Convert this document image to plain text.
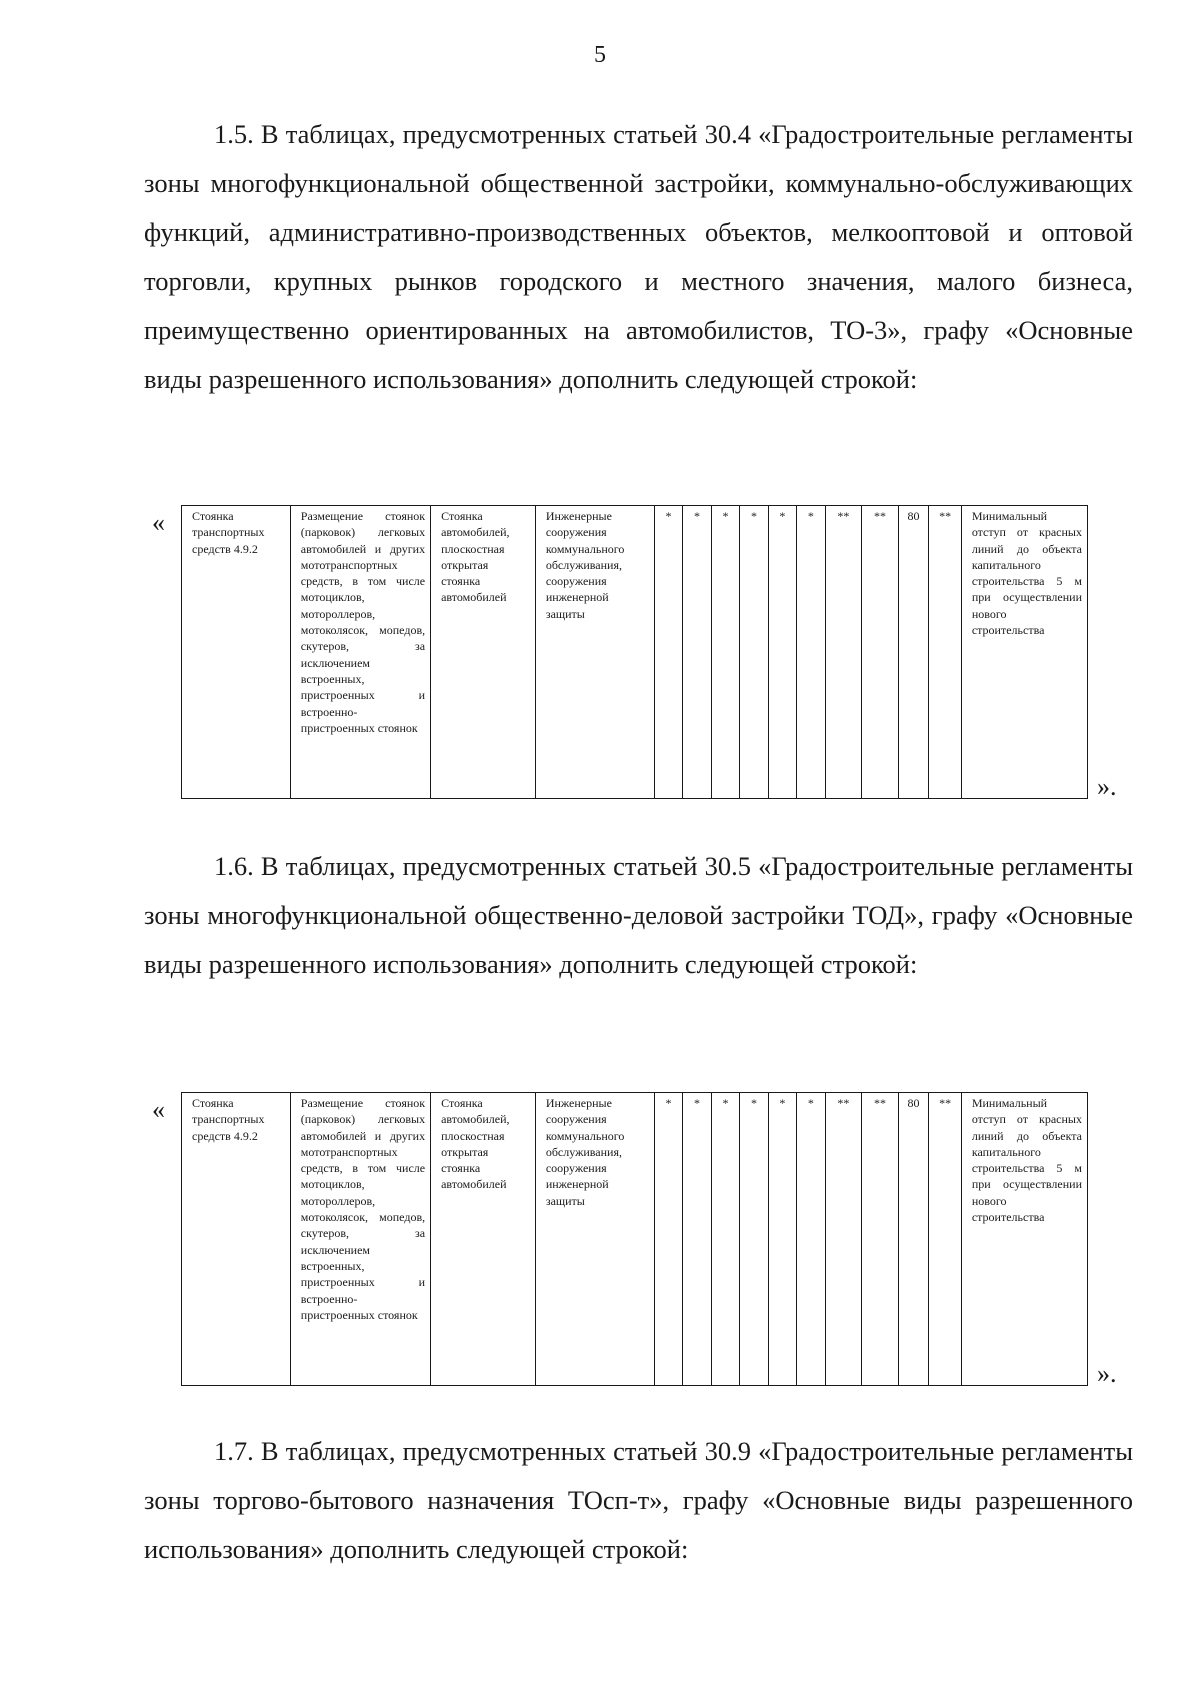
5

1.5. В таблицах, предусмотренных статьей 30.4 «Градостроительные регламенты зоны многофункциональной общественной застройки, коммунально-обслуживающих функций, административно-производственных объектов, мелкооптовой и оптовой торговли, крупных рынков городского и местного значения, малого бизнеса, преимущественно ориентированных на автомобилистов, ТО-3», графу «Основные виды разрешенного использования» дополнить следующей строкой:

« Стоянка транспортных средств 4.9.2	Размещение стоянок (парковок) легковых автомобилей и других мототранспортных средств, в том числе мотоциклов, мотороллеров, мотоколясок, мопедов, скутеров, за исключением встроенных, пристроенных и встроенно-пристроенных стоянок	Стоянка автомобилей, плоскостная открытая стоянка автомобилей	Инженерные сооружения коммунального обслуживания, сооружения инженерной защиты	*	*	*	*	*	*	**	**	80	**	Минимальный отступ от красных линий до объекта капитального строительства 5 м при осуществлении нового строительства
».

1.6. В таблицах, предусмотренных статьей 30.5 «Градостроительные регламенты зоны многофункциональной общественно-деловой застройки ТОД», графу «Основные виды разрешенного использования» дополнить следующей строкой:

« Стоянка транспортных средств 4.9.2	Размещение стоянок (парковок) легковых автомобилей и других мототранспортных средств, в том числе мотоциклов, мотороллеров, мотоколясок, мопедов, скутеров, за исключением встроенных, пристроенных и встроенно-пристроенных стоянок	Стоянка автомобилей, плоскостная открытая стоянка автомобилей	Инженерные сооружения коммунального обслуживания, сооружения инженерной защиты	*	*	*	*	*	*	**	**	80	**	Минимальный отступ от красных линий до объекта капитального строительства 5 м при осуществлении нового строительства
».

1.7. В таблицах, предусмотренных статьей 30.9 «Градостроительные регламенты зоны торгово-бытового назначения ТОсп-т», графу «Основные виды разрешенного использования» дополнить следующей строкой:
